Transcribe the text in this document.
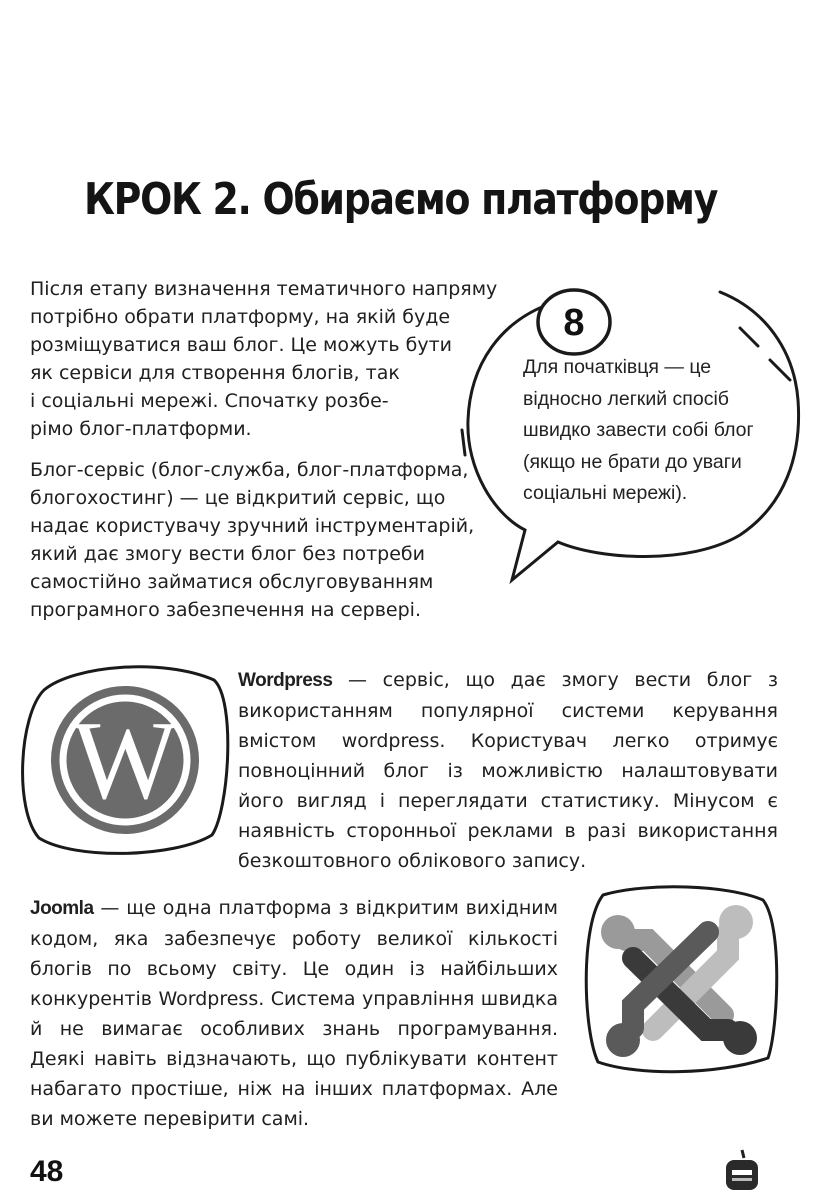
КРОК 2. Обираємо платформу

Після етапу визначення тематичного напряму
потрібно обрати платформу, на якій буде
розміщуватися ваш блог. Це можуть бути
як сервіси для створення блогів, так
і соціальні мережі. Спочатку розбе-
рімо блог-платформи.

Блог-сервіс (блог-служба, блог-платформа, блогохостинг) — це відкритий сервіс, що надає користувачу зручний інструментарій, який дає змогу вести блог без потреби самостійно займатися обслуговуванням програмного забезпечення на сервері.

8

Для початківця — це відносно легкий спосіб швидко завести собі блог (якщо не брати до уваги соціальні мережі).

W

Wordpress — сервіс, що дає змогу вести блог з використанням популярної системи керування вмістом wordpress. Користувач легко отримує повноцінний блог із можливістю налаштовувати його вигляд і переглядати статистику. Мінусом є наявність сторонньої реклами в разі використання безкоштовного облікового запису.

Joomla — ще одна платформа з відкритим вихідним кодом, яка забезпечує роботу великої кількості блогів по всьому світу. Це один із найбільших конкурентів Wordpress. Система управління швидка й не вимагає особливих знань програмування. Деякі навіть відзначають, що публікувати контент набагато простіше, ніж на інших платформах. Але ви можете перевірити самі.

48
